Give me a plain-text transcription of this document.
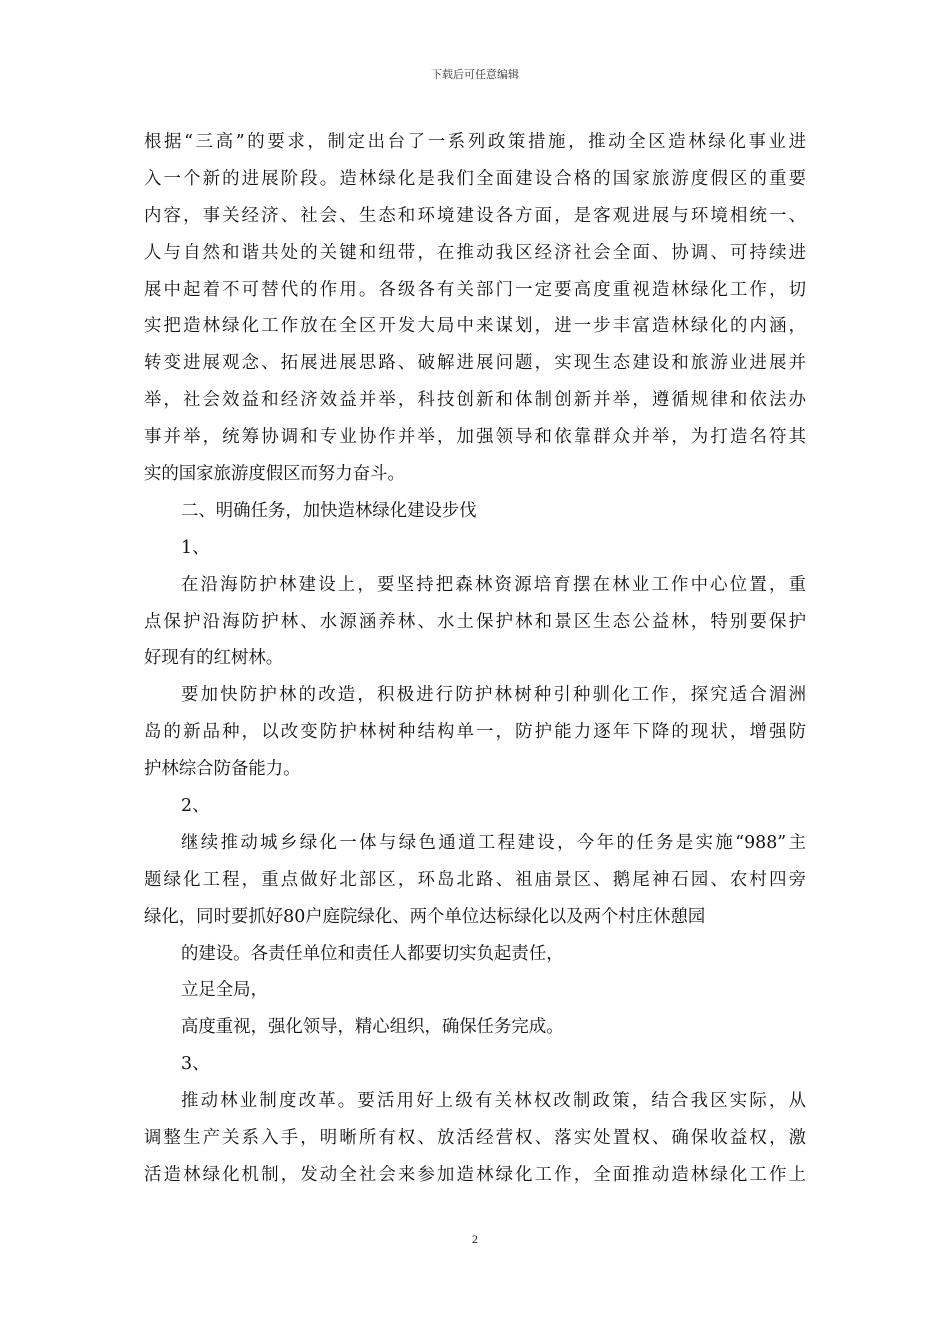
下载后可任意编辑
根据“三高”的要求，制定出台了一系列政策措施，推动全区造林绿化事业进
入一个新的进展阶段。造林绿化是我们全面建设合格的国家旅游度假区的重要
内容，事关经济、社会、生态和环境建设各方面，是客观进展与环境相统一、
人与自然和谐共处的关键和纽带，在推动我区经济社会全面、协调、可持续进
展中起着不可替代的作用。各级各有关部门一定要高度重视造林绿化工作，切
实把造林绿化工作放在全区开发大局中来谋划，进一步丰富造林绿化的内涵，
转变进展观念、拓展进展思路、破解进展问题，实现生态建设和旅游业进展并
举，社会效益和经济效益并举，科技创新和体制创新并举，遵循规律和依法办
事并举，统筹协调和专业协作并举，加强领导和依靠群众并举，为打造名符其
实的国家旅游度假区而努力奋斗。
二、明确任务，加快造林绿化建设步伐
1、
在沿海防护林建设上，要坚持把森林资源培育摆在林业工作中心位置，重
点保护沿海防护林、水源涵养林、水土保护林和景区生态公益林，特别要保护
好现有的红树林。
要加快防护林的改造，积极进行防护林树种引种驯化工作，探究适合湄洲
岛的新品种，以改变防护林树种结构单一，防护能力逐年下降的现状，增强防
护林综合防备能力。
2、
继续推动城乡绿化一体与绿色通道工程建设，今年的任务是实施“988”主
题绿化工程，重点做好北部区，环岛北路、祖庙景区、鹅尾神石园、农村四旁
绿化，同时要抓好80户庭院绿化、两个单位达标绿化以及两个村庄休憩园
的建设。各责任单位和责任人都要切实负起责任，
立足全局，
高度重视，强化领导，精心组织，确保任务完成。
3、
推动林业制度改革。要活用好上级有关林权改制政策，结合我区实际，从
调整生产关系入手，明晰所有权、放活经营权、落实处置权、确保收益权，激
活造林绿化机制，发动全社会来参加造林绿化工作，全面推动造林绿化工作上
2
